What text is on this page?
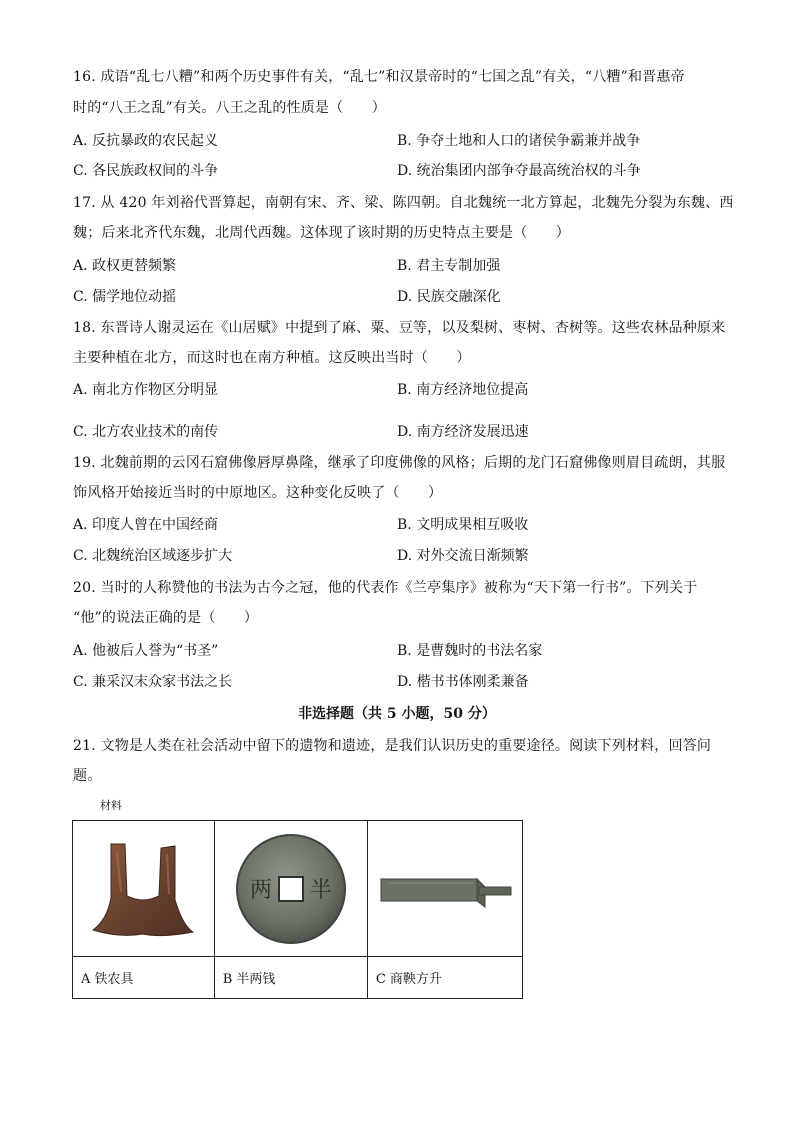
16. 成语“乱七八糟”和两个历史事件有关，“乱七”和汉景帝时的“七国之乱”有关，“八糟”和晋惠帝
时的“八王之乱”有关。八王之乱的性质是（　　）
A. 反抗暴政的农民起义	B. 争夺土地和人口的诸侯争霸兼并战争
C. 各民族政权间的斗争	D. 统治集团内部争夺最高统治权的斗争
17. 从 420 年刘裕代晋算起，南朝有宋、齐、梁、陈四朝。自北魏统一北方算起，北魏先分裂为东魏、西
魏；后来北齐代东魏，北周代西魏。这体现了该时期的历史特点主要是（　　）
A. 政权更替频繁	B. 君主专制加强
C. 儒学地位动摇	D. 民族交融深化
18. 东晋诗人谢灵运在《山居赋》中提到了麻、粟、豆等，以及梨树、枣树、杏树等。这些农林品种原来
主要种植在北方，而这时也在南方种植。这反映出当时（　　）
A. 南北方作物区分明显	B. 南方经济地位提高
C. 北方农业技术的南传	D. 南方经济发展迅速
19. 北魏前期的云冈石窟佛像唇厚鼻隆，继承了印度佛像的风格；后期的龙门石窟佛像则眉目疏朗，其服
饰风格开始接近当时的中原地区。这种变化反映了（　　）
A. 印度人曾在中国经商	B. 文明成果相互吸收
C. 北魏统治区域逐步扩大	D. 对外交流日渐频繁
20. 当时的人称赞他的书法为古今之冠，他的代表作《兰亭集序》被称为“天下第一行书”。下列关于
“他”的说法正确的是（　　）
A. 他被后人誉为“书圣”	B. 是曹魏时的书法名家
C. 兼采汉末众家书法之长	D. 楷书书体刚柔兼备
非选择题（共 5 小题，50 分）
21. 文物是人类在社会活动中留下的遗物和遗迹，是我们认识历史的重要途径。阅读下列材料，回答问
题。
材料

两 半

A 铁农具	B 半两钱	C 商鞅方升
